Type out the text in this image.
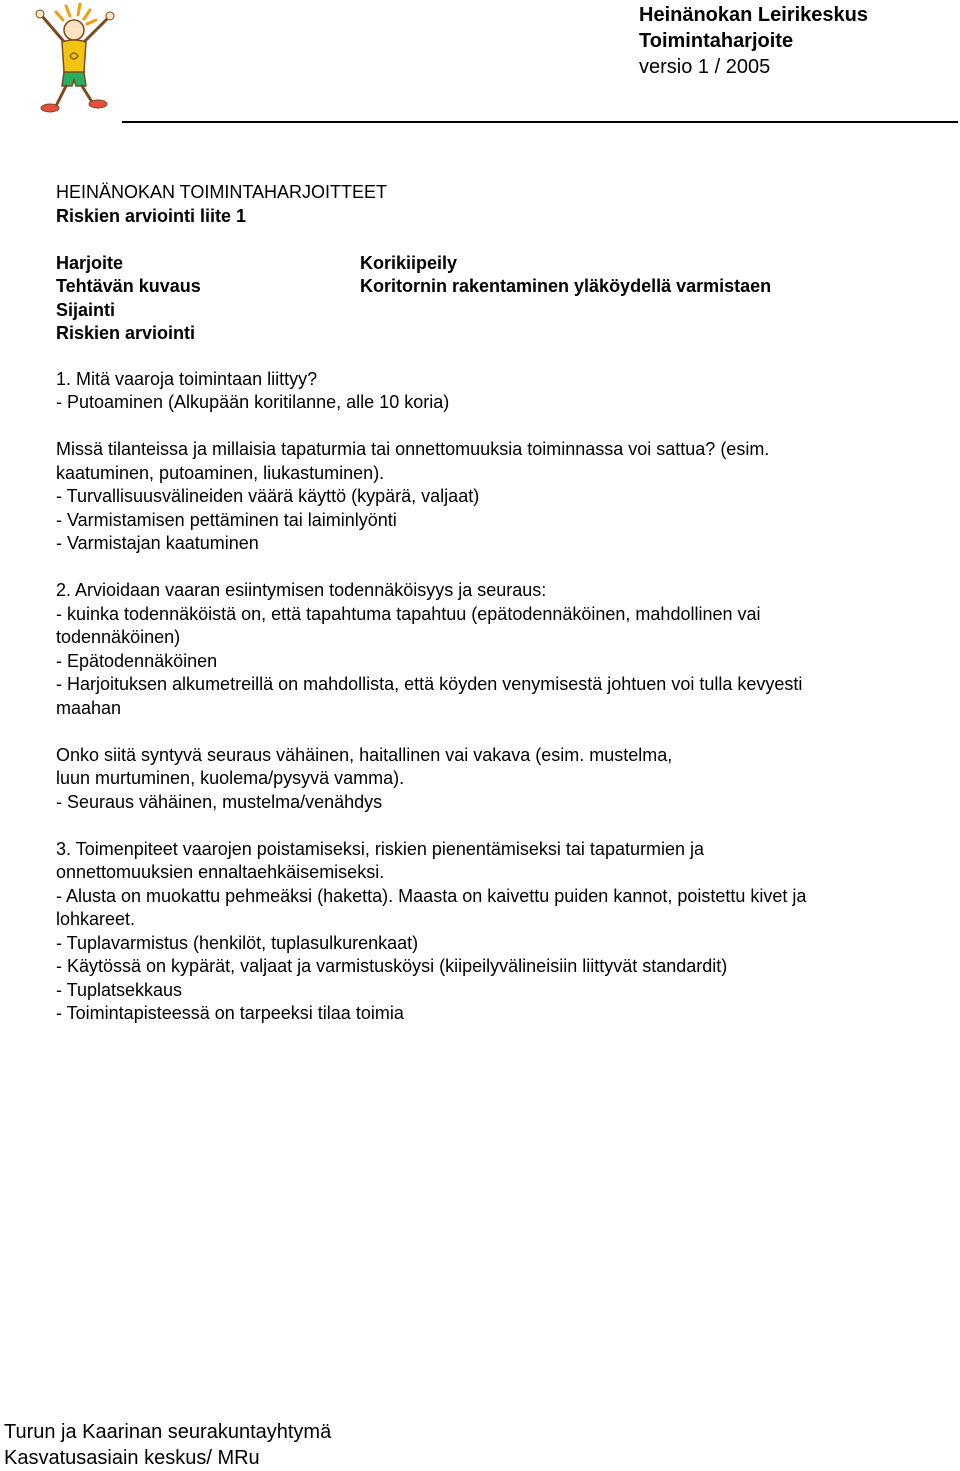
Heinänokan Leirikeskus
Toimintaharjoite
versio 1 / 2005

HEINÄNOKAN TOIMINTAHARJOITTEET

Riskien arviointi liite 1

Harjoite	Korikiipeily
Tehtävän kuvaus	Koritornin rakentaminen yläköydellä varmistaen
Sijainti
Riskien arviointi

1. Mitä vaaroja toimintaan liittyy?

- Putoaminen (Alkupään koritilanne, alle 10 koria)

Missä tilanteissa ja millaisia tapaturmia tai onnettomuuksia toiminnassa voi sattua? (esim.

kaatuminen, putoaminen, liukastuminen).

- Turvallisuusvälineiden väärä käyttö (kypärä, valjaat)

- Varmistamisen pettäminen tai laiminlyönti

- Varmistajan kaatuminen

2. Arvioidaan vaaran esiintymisen todennäköisyys ja seuraus:

- kuinka todennäköistä on, että tapahtuma tapahtuu (epätodennäköinen, mahdollinen vai

todennäköinen)

- Epätodennäköinen

- Harjoituksen alkumetreillä on mahdollista, että köyden venymisestä johtuen voi tulla kevyesti

maahan

Onko siitä syntyvä seuraus vähäinen, haitallinen vai vakava (esim. mustelma,

luun murtuminen, kuolema/pysyvä vamma).

- Seuraus vähäinen, mustelma/venähdys

3. Toimenpiteet vaarojen poistamiseksi, riskien pienentämiseksi tai tapaturmien ja

onnettomuuksien ennaltaehkäisemiseksi.

- Alusta on muokattu pehmeäksi (haketta). Maasta on kaivettu puiden kannot, poistettu kivet ja

lohkareet.

- Tuplavarmistus (henkilöt, tuplasulkurenkaat)

- Käytössä on kypärät, valjaat ja varmistusköysi (kiipeilyvälineisiin liittyvät standardit)

- Tuplatsekkaus

- Toimintapisteessä on tarpeeksi tilaa toimia

Turun ja Kaarinan seurakuntayhtymä
Kasvatusasiain keskus/ MRu
